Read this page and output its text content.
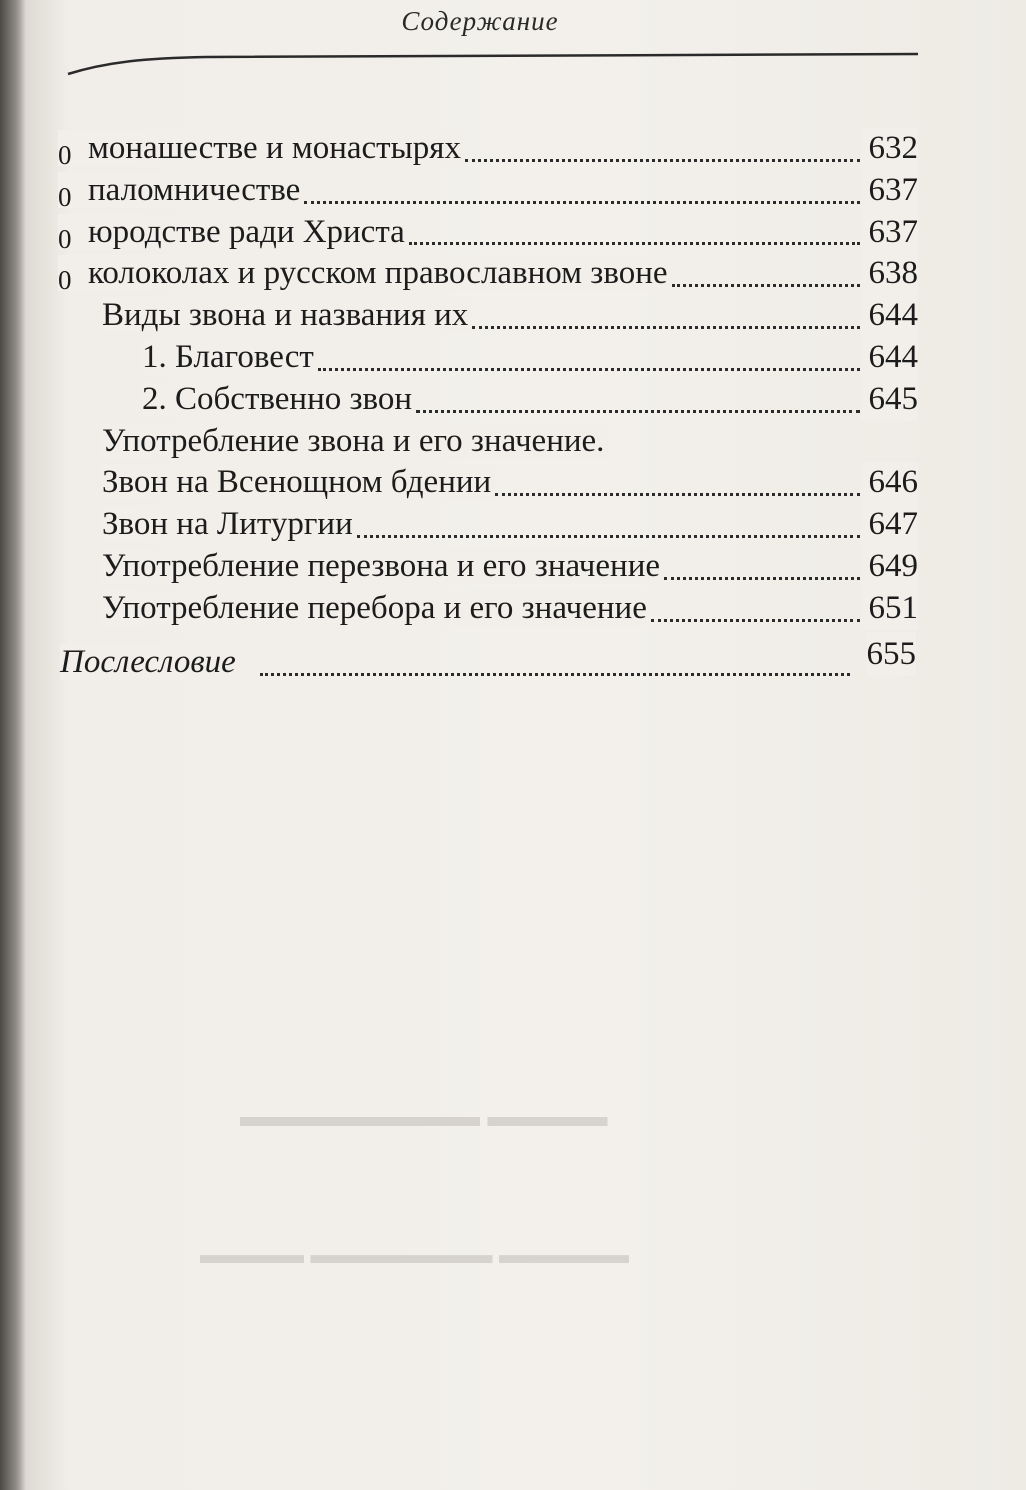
▬▬▬▬ ▬▬▬▬▬▬▬▬
▬▬▬▬▬ ▬▬▬▬▬▬▬ ▬▬▬▬
Содержание
0 монашестве и монастырях	632
0 паломничестве	637
0 юродстве ради Христа	637
0 колоколах и русском православном звоне	638
Виды звона и названия их	644
1. Благовест	644
2. Собственно звон	645
Употребление звона и его значение.
Звон на Всенощном бдении	646
Звон на Литургии	647
Употребление перезвона и его значение	649
Употребление перебора и его значение	651
Послесловие	655
